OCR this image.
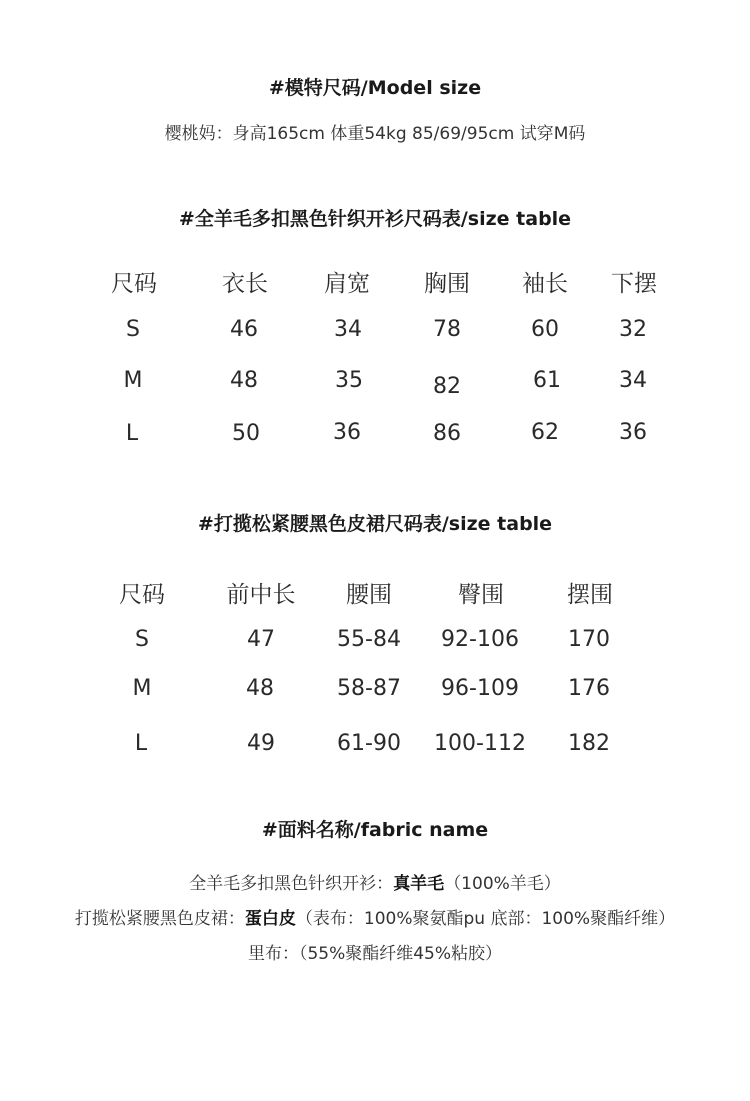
#模特尺码/Model size
樱桃妈：身高165cm 体重54kg 85/69/95cm 试穿M码
#全羊毛多扣黑色针织开衫尺码表/size table
尺码	衣长 肩宽 胸围 袖长 下摆
S	46	34	78	60	32
M	48	35	82	61	34
L	50	36	86	62	36
#打揽松紧腰黑色皮裙尺码表/size table
尺码	前中长 腰围	臀围	摆围
S	47	55-84 92-106 170
M	48	58-87 96-109 176
L	49	61-90 100-112 182
#面料名称/fabric name
全羊毛多扣黑色针织开衫：真羊毛（100%羊毛）
打揽松紧腰黑色皮裙：蛋白皮（表布：100%聚氨酯pu 底部：100%聚酯纤维）
里布：（55%聚酯纤维45%粘胶）
